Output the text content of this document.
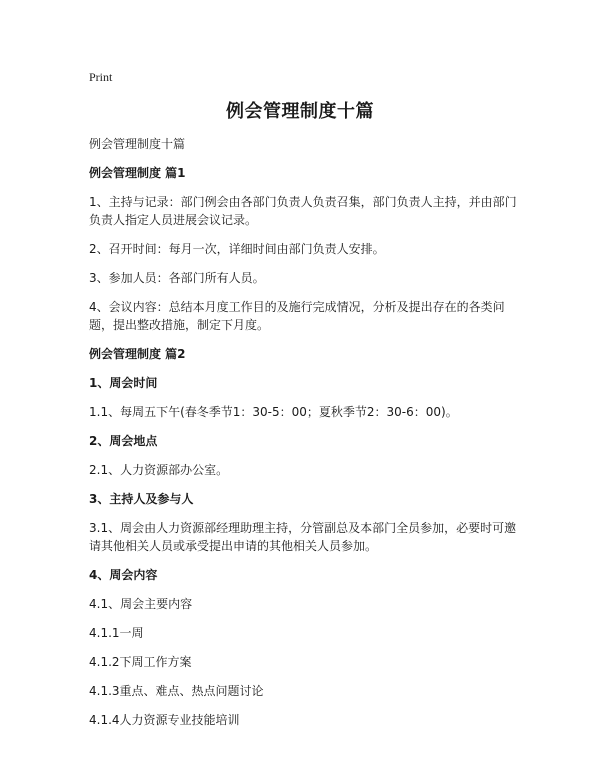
Print
例会管理制度十篇

例会管理制度十篇

例会管理制度 篇1

1、主持与记录：部门例会由各部门负责人负责召集，部门负责人主持，并由部门负责人指定人员进展会议记录。

2、召开时间：每月一次，详细时间由部门负责人安排。

3、参加人员：各部门所有人员。

4、会议内容：总结本月度工作目的及施行完成情况，分析及提出存在的各类问题，提出整改措施，制定下月度。

例会管理制度 篇2

1、周会时间

1.1、每周五下午(春冬季节1：30-5：00；夏秋季节2：30-6：00)。

2、周会地点

2.1、人力资源部办公室。

3、主持人及参与人

3.1、周会由人力资源部经理助理主持，分管副总及本部门全员参加，必要时可邀请其他相关人员或承受提出申请的其他相关人员参加。

4、周会内容

4.1、周会主要内容

4.1.1一周

4.1.2下周工作方案

4.1.3重点、难点、热点问题讨论

4.1.4人力资源专业技能培训
